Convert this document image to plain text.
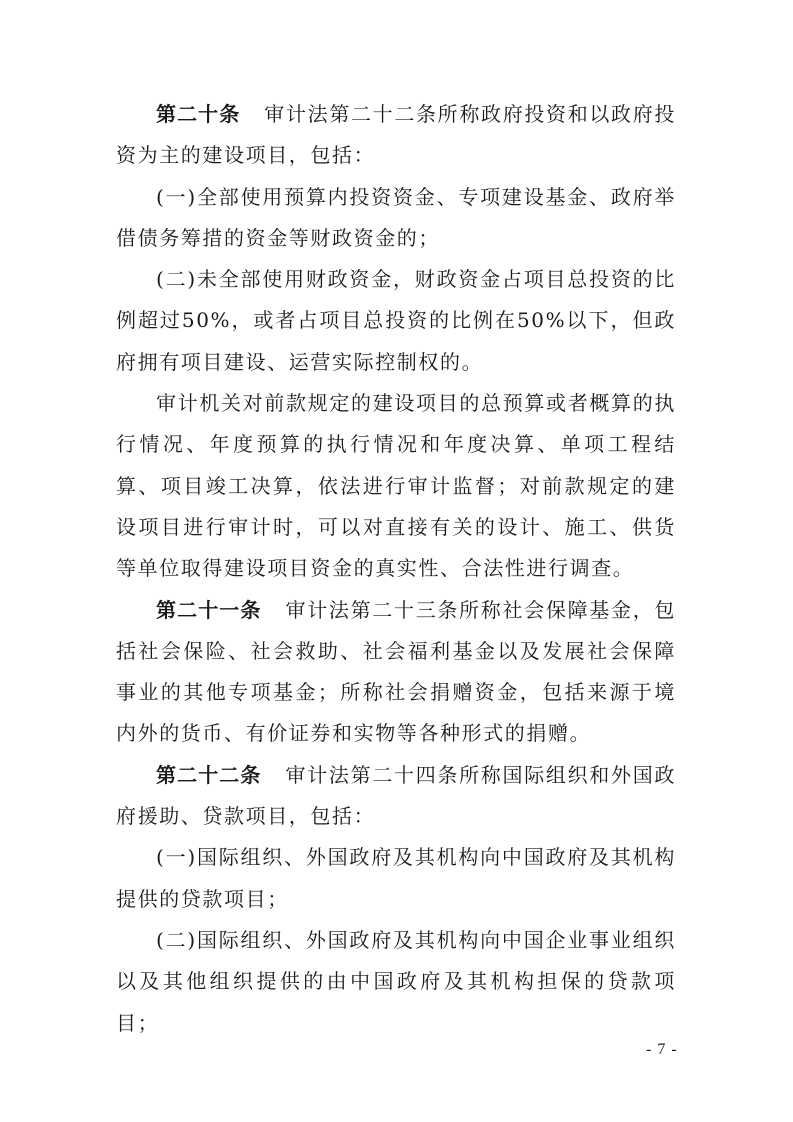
第二十条 审计法第二十二条所称政府投资和以政府投资为主的建设项目，包括：

(一)全部使用预算内投资资金、专项建设基金、政府举借债务筹措的资金等财政资金的；

(二)未全部使用财政资金，财政资金占项目总投资的比例超过50%，或者占项目总投资的比例在50%以下，但政府拥有项目建设、运营实际控制权的。

审计机关对前款规定的建设项目的总预算或者概算的执行情况、年度预算的执行情况和年度决算、单项工程结算、项目竣工决算，依法进行审计监督；对前款规定的建设项目进行审计时，可以对直接有关的设计、施工、供货等单位取得建设项目资金的真实性、合法性进行调查。

第二十一条 审计法第二十三条所称社会保障基金，包括社会保险、社会救助、社会福利基金以及发展社会保障事业的其他专项基金；所称社会捐赠资金，包括来源于境内外的货币、有价证券和实物等各种形式的捐赠。

第二十二条 审计法第二十四条所称国际组织和外国政府援助、贷款项目，包括：

(一)国际组织、外国政府及其机构向中国政府及其机构提供的贷款项目；

(二)国际组织、外国政府及其机构向中国企业事业组织以及其他组织提供的由中国政府及其机构担保的贷款项目；

- 7 -
